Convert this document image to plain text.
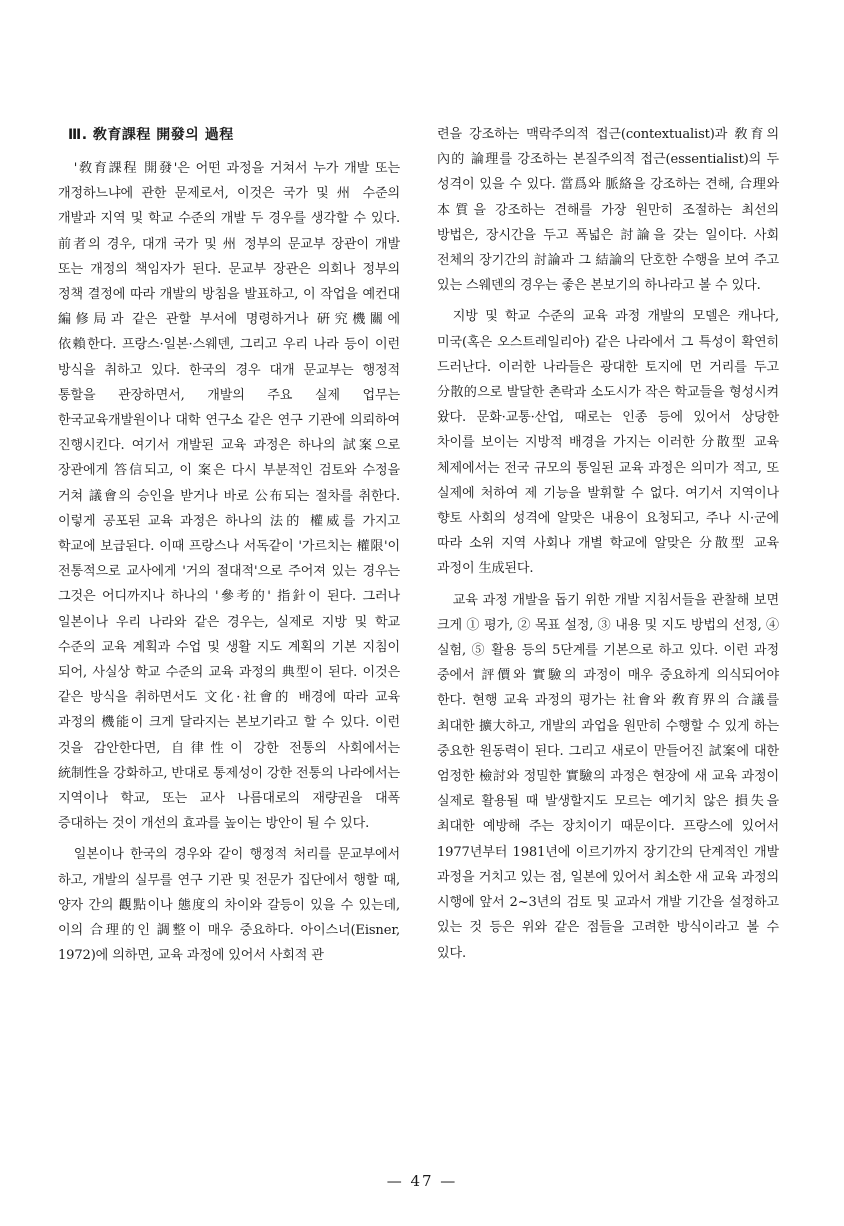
Ⅲ. 敎育課程 開發의 過程

'敎育課程 開發'은 어떤 과정을 거쳐서 누가 개발 또는 개정하느냐에 관한 문제로서, 이것은 국가 및 州 수준의 개발과 지역 및 학교 수준의 개발 두 경우를 생각할 수 있다. 前者의 경우, 대개 국가 및 州 정부의 문교부 장관이 개발 또는 개정의 책임자가 된다. 문교부 장관은 의회나 정부의 정책 결정에 따라 개발의 방침을 발표하고, 이 작업을 예컨대 編修局과 같은 관할 부서에 명령하거나 硏究機關에 依賴한다. 프랑스·일본·스웨덴, 그리고 우리 나라 등이 이런 방식을 취하고 있다. 한국의 경우 대개 문교부는 행정적 통할을 관장하면서, 개발의 주요 실제 업무는 한국교육개발원이나 대학 연구소 같은 연구 기관에 의뢰하여 진행시킨다. 여기서 개발된 교육 과정은 하나의 試案으로 장관에게 答信되고, 이 案은 다시 부분적인 검토와 수정을 거쳐 議會의 승인을 받거나 바로 公布되는 절차를 취한다. 이렇게 공포된 교육 과정은 하나의 法的 權威를 가지고 학교에 보급된다. 이때 프랑스나 서독같이 '가르치는 權限'이 전통적으로 교사에게 '거의 절대적'으로 주어져 있는 경우는 그것은 어디까지나 하나의 '參考的' 指針이 된다. 그러나 일본이나 우리 나라와 같은 경우는, 실제로 지방 및 학교 수준의 교육 계획과 수업 및 생활 지도 계획의 기본 지침이 되어, 사실상 학교 수준의 교육 과정의 典型이 된다. 이것은 같은 방식을 취하면서도 文化·社會的 배경에 따라 교육 과정의 機能이 크게 달라지는 본보기라고 할 수 있다. 이런 것을 감안한다면, 自律性이 강한 전통의 사회에서는 統制性을 강화하고, 반대로 통제성이 강한 전통의 나라에서는 지역이나 학교, 또는 교사 나름대로의 재량권을 대폭 증대하는 것이 개선의 효과를 높이는 방안이 될 수 있다.

일본이나 한국의 경우와 같이 행정적 처리를 문교부에서 하고, 개발의 실무를 연구 기관 및 전문가 집단에서 행할 때, 양자 간의 觀點이나 態度의 차이와 갈등이 있을 수 있는데, 이의 合理的인 調整이 매우 중요하다. 아이스너(Eisner, 1972)에 의하면, 교육 과정에 있어서 사회적 관

련을 강조하는 맥락주의적 접근(contextualist)과 敎育의 內的 論理를 강조하는 본질주의적 접근(essentialist)의 두 성격이 있을 수 있다. 當爲와 脈絡을 강조하는 견해, 合理와 本質을 강조하는 견해를 가장 원만히 조절하는 최선의 방법은, 장시간을 두고 폭넓은 討論을 갖는 일이다. 사회 전체의 장기간의 討論과 그 結論의 단호한 수행을 보여 주고 있는 스웨덴의 경우는 좋은 본보기의 하나라고 볼 수 있다.

지방 및 학교 수준의 교육 과정 개발의 모델은 캐나다, 미국(혹은 오스트레일리아) 같은 나라에서 그 특성이 확연히 드러난다. 이러한 나라들은 광대한 토지에 먼 거리를 두고 分散的으로 발달한 촌락과 소도시가 작은 학교들을 형성시켜 왔다. 문화·교통·산업, 때로는 인종 등에 있어서 상당한 차이를 보이는 지방적 배경을 가지는 이러한 分散型 교육 체제에서는 전국 규모의 통일된 교육 과정은 의미가 적고, 또 실제에 처하여 제 기능을 발휘할 수 없다. 여기서 지역이나 향토 사회의 성격에 알맞은 내용이 요청되고, 주나 시·군에 따라 소위 지역 사회나 개별 학교에 알맞은 分散型 교육 과정이 生成된다.

교육 과정 개발을 돕기 위한 개발 지침서들을 관찰해 보면 크게 ① 평가, ② 목표 설정, ③ 내용 및 지도 방법의 선정, ④ 실험, ⑤ 활용 등의 5단계를 기본으로 하고 있다. 이런 과정 중에서 評價와 實驗의 과정이 매우 중요하게 의식되어야 한다. 현행 교육 과정의 평가는 社會와 敎育界의 合議를 최대한 擴大하고, 개발의 과업을 원만히 수행할 수 있게 하는 중요한 원동력이 된다. 그리고 새로이 만들어진 試案에 대한 엄정한 檢討와 정밀한 實驗의 과정은 현장에 새 교육 과정이 실제로 활용될 때 발생할지도 모르는 예기치 않은 損失을 최대한 예방해 주는 장치이기 때문이다. 프랑스에 있어서 1977년부터 1981년에 이르기까지 장기간의 단계적인 개발 과정을 거치고 있는 점, 일본에 있어서 최소한 새 교육 과정의 시행에 앞서 2~3년의 검토 및 교과서 개발 기간을 설정하고 있는 것 등은 위와 같은 점들을 고려한 방식이라고 볼 수 있다.

— 47 —
